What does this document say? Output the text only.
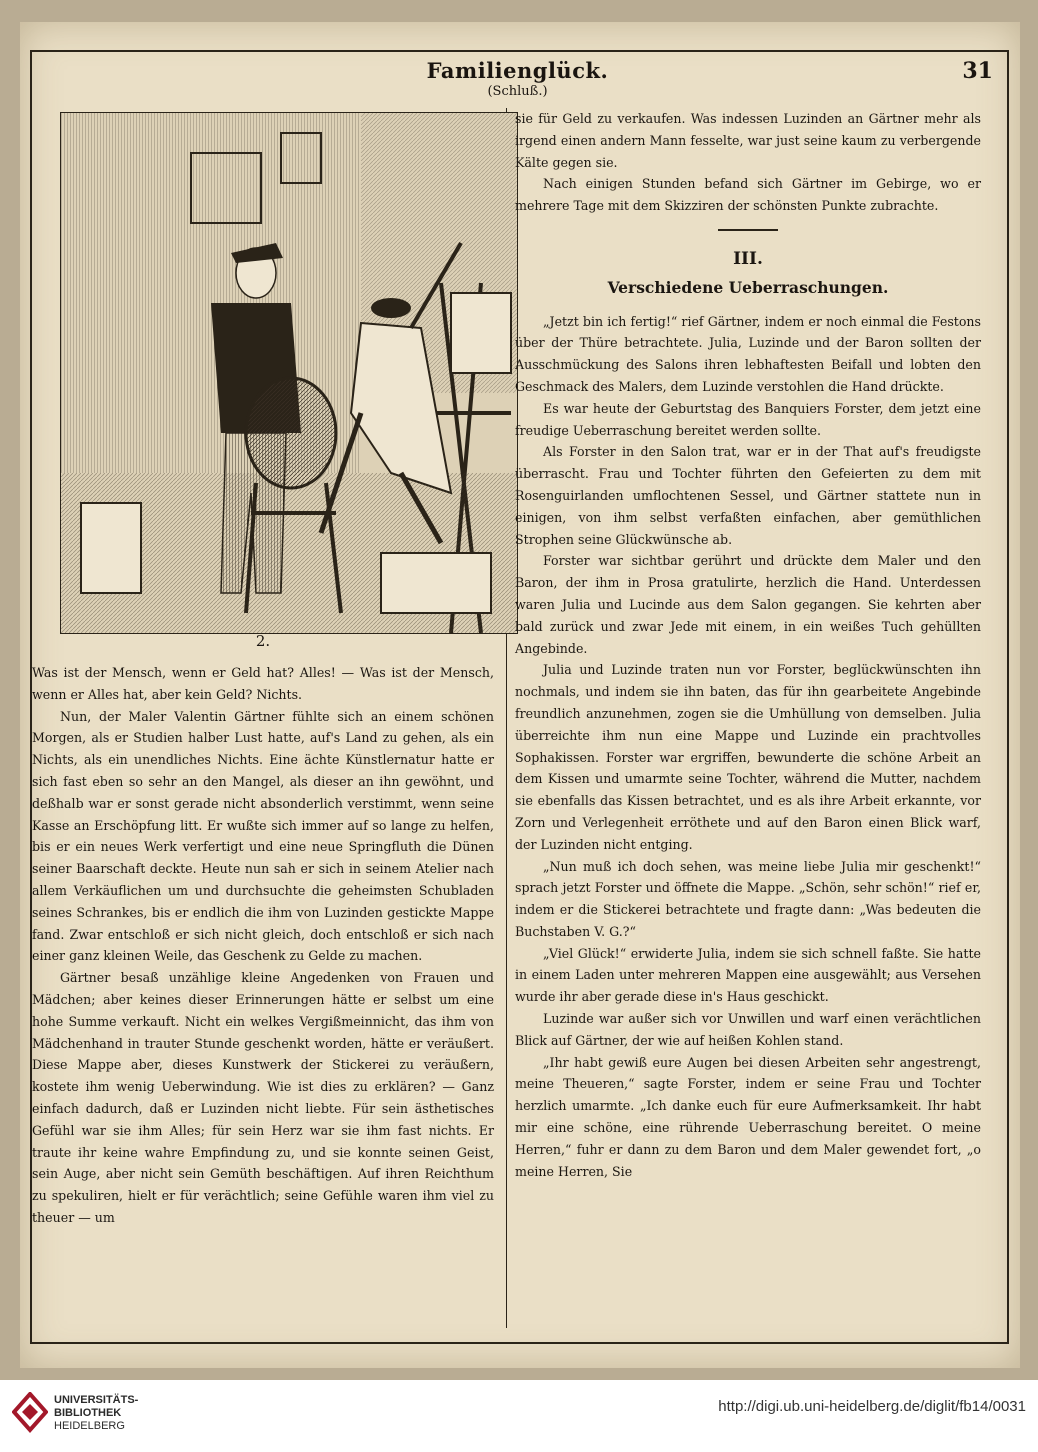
Familienglück.
(Schluß.)
31
2.

Was ist der Mensch, wenn er Geld hat? Alles! — Was ist der Mensch, wenn er Alles hat, aber kein Geld? Nichts.

Nun, der Maler Valentin Gärtner fühlte sich an einem schönen Morgen, als er Studien halber Lust hatte, auf's Land zu gehen, als ein Nichts, als ein unendliches Nichts. Eine ächte Künstlernatur hatte er sich fast eben so sehr an den Mangel, als dieser an ihn gewöhnt, und deßhalb war er sonst gerade nicht absonderlich verstimmt, wenn seine Kasse an Erschöpfung litt. Er wußte sich immer auf so lange zu helfen, bis er ein neues Werk verfertigt und eine neue Springfluth die Dünen seiner Baarschaft deckte. Heute nun sah er sich in seinem Atelier nach allem Verkäuflichen um und durchsuchte die geheimsten Schubladen seines Schrankes, bis er endlich die ihm von Luzinden gestickte Mappe fand. Zwar entschloß er sich nicht gleich, doch entschloß er sich nach einer ganz kleinen Weile, das Geschenk zu Gelde zu machen.

Gärtner besaß unzählige kleine Angedenken von Frauen und Mädchen; aber keines dieser Erinnerungen hätte er selbst um eine hohe Summe verkauft. Nicht ein welkes Vergißmeinnicht, das ihm von Mädchenhand in trauter Stunde geschenkt worden, hätte er veräußert. Diese Mappe aber, dieses Kunstwerk der Stickerei zu veräußern, kostete ihm wenig Ueberwindung. Wie ist dies zu erklären? — Ganz einfach dadurch, daß er Luzinden nicht liebte. Für sein ästhetisches Gefühl war sie ihm Alles; für sein Herz war sie ihm fast nichts. Er traute ihr keine wahre Empfindung zu, und sie konnte seinen Geist, sein Auge, aber nicht sein Gemüth beschäftigen. Auf ihren Reichthum zu spekuliren, hielt er für verächtlich; seine Gefühle waren ihm viel zu theuer — um

sie für Geld zu verkaufen. Was indessen Luzinden an Gärtner mehr als irgend einen andern Mann fesselte, war just seine kaum zu verbergende Kälte gegen sie.

Nach einigen Stunden befand sich Gärtner im Gebirge, wo er mehrere Tage mit dem Skizziren der schönsten Punkte zubrachte.

III.
Verschiedene Ueberraschungen.

„Jetzt bin ich fertig!“ rief Gärtner, indem er noch einmal die Festons über der Thüre betrachtete. Julia, Luzinde und der Baron sollten der Ausschmückung des Salons ihren lebhaftesten Beifall und lobten den Geschmack des Malers, dem Luzinde verstohlen die Hand drückte.

Es war heute der Geburtstag des Banquiers Forster, dem jetzt eine freudige Ueberraschung bereitet werden sollte.

Als Forster in den Salon trat, war er in der That auf's freudigste überrascht. Frau und Tochter führten den Gefeierten zu dem mit Rosenguirlanden umflochtenen Sessel, und Gärtner stattete nun in einigen, von ihm selbst verfaßten einfachen, aber gemüthlichen Strophen seine Glückwünsche ab.

Forster war sichtbar gerührt und drückte dem Maler und den Baron, der ihm in Prosa gratulirte, herzlich die Hand. Unterdessen waren Julia und Lucinde aus dem Salon gegangen. Sie kehrten aber bald zurück und zwar Jede mit einem, in ein weißes Tuch gehüllten Angebinde.

Julia und Luzinde traten nun vor Forster, beglückwünschten ihn nochmals, und indem sie ihn baten, das für ihn gearbeitete Angebinde freundlich anzunehmen, zogen sie die Umhüllung von demselben. Julia überreichte ihm nun eine Mappe und Luzinde ein prachtvolles Sophakissen. Forster war ergriffen, bewunderte die schöne Arbeit an dem Kissen und umarmte seine Tochter, während die Mutter, nachdem sie ebenfalls das Kissen betrachtet, und es als ihre Arbeit erkannte, vor Zorn und Verlegenheit erröthete und auf den Baron einen Blick warf, der Luzinden nicht entging.

„Nun muß ich doch sehen, was meine liebe Julia mir geschenkt!“ sprach jetzt Forster und öffnete die Mappe. „Schön, sehr schön!“ rief er, indem er die Stickerei betrachtete und fragte dann: „Was bedeuten die Buchstaben V. G.?“

„Viel Glück!“ erwiderte Julia, indem sie sich schnell faßte. Sie hatte in einem Laden unter mehreren Mappen eine ausgewählt; aus Versehen wurde ihr aber gerade diese in's Haus geschickt.

Luzinde war außer sich vor Unwillen und warf einen verächtlichen Blick auf Gärtner, der wie auf heißen Kohlen stand.

„Ihr habt gewiß eure Augen bei diesen Arbeiten sehr angestrengt, meine Theueren,“ sagte Forster, indem er seine Frau und Tochter herzlich umarmte. „Ich danke euch für eure Aufmerksamkeit. Ihr habt mir eine schöne, eine rührende Ueberraschung bereitet. O meine Herren,“ fuhr er dann zu dem Baron und dem Maler gewendet fort, „o meine Herren, Sie

UNIVERSITÄTS-
BIBLIOTHEK
HEIDELBERG
http://digi.ub.uni-heidelberg.de/diglit/fb14/0031
